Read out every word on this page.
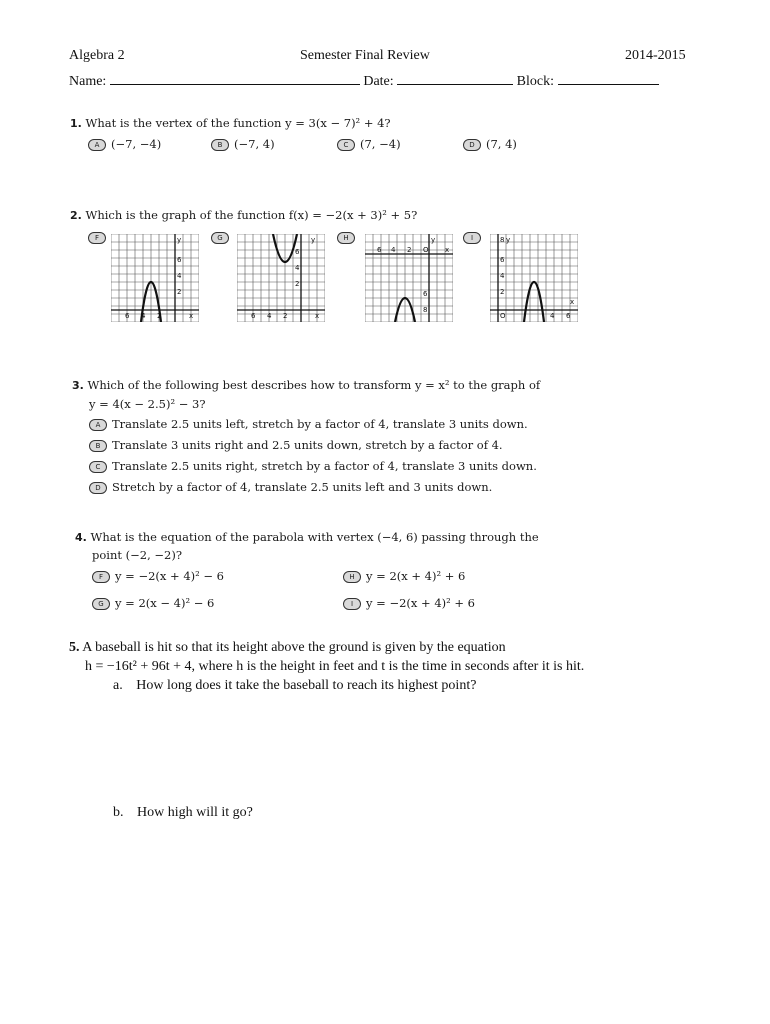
Algebra 2	Semester Final Review	2014-2015
Name:	Date:	Block:
1. What is the vertex of the function y = 3(x − 7)² + 4?
A (−7, −4)	B (−7, 4)	C (7, −4)	D (7, 4)
2. Which is the graph of the function f(x) = −2(x + 3)² + 5?
F	G	H	I
6 4 2
4
2
6
x
y
6 4 2
6
4
2
x
y
6 4 2 O
6
8
x
y	8
6
4
2
O	4 6
x
y
3. Which of the following best describes how to transform y = x² to the graph of
y = 4(x − 2.5)² − 3?
A Translate 2.5 units left, stretch by a factor of 4, translate 3 units down.
B Translate 3 units right and 2.5 units down, stretch by a factor of 4.
C Translate 2.5 units right, stretch by a factor of 4, translate 3 units down.
D Stretch by a factor of 4, translate 2.5 units left and 3 units down.
4. What is the equation of the parabola with vertex (−4, 6) passing through the
point (−2, −2)?
F y = −2(x + 4)² − 6
G y = 2(x − 4)² − 6
H y = 2(x + 4)² + 6
I y = −2(x + 4)² + 6
5. A baseball is hit so that its height above the ground is given by the equation
h = −16t² + 96t + 4, where h is the height in feet and t is the time in seconds after it is hit.
a. How long does it take the baseball to reach its highest point?
b. How high will it go?
